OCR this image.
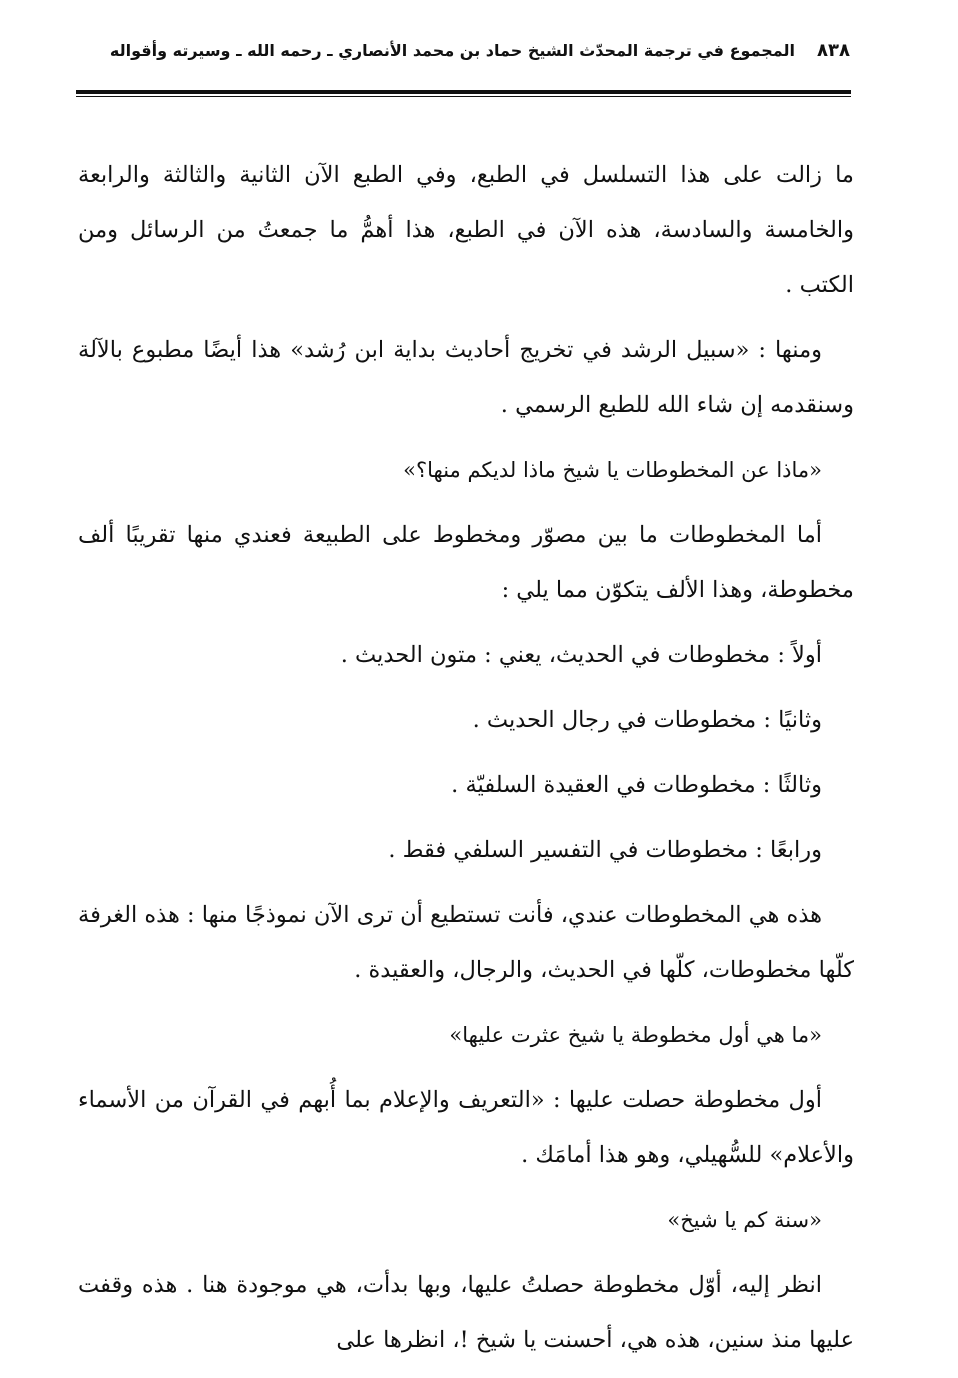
٨٣٨
المجموع في ترجمة المحدّث الشيخ حماد بن محمد الأنصاري ـ رحمه الله ـ وسيرته وأقواله

ما زالت على هذا التسلسل في الطبع، وفي الطبع الآن الثانية والثالثة والرابعة والخامسة والسادسة، هذه الآن في الطبع، هذا أهمُّ ما جمعتُ من الرسائل ومن الكتب .

ومنها : «سبيل الرشد في تخريج أحاديث بداية ابن رُشد» هذا أيضًا مطبوع بالآلة وسنقدمه إن شاء الله للطبع الرسمي .

«ماذا عن المخطوطات يا شيخ ماذا لديكم منها؟»

أما المخطوطات ما بين مصوّر ومخطوط على الطبيعة فعندي منها تقريبًا ألف مخطوطة، وهذا الألف يتكوّن مما يلي :

أولاً : مخطوطات في الحديث، يعني : متون الحديث .

وثانيًا : مخطوطات في رجال الحديث .

وثالثًا : مخطوطات في العقيدة السلفيّة .

ورابعًا : مخطوطات في التفسير السلفي فقط .

هذه هي المخطوطات عندي، فأنت تستطيع أن ترى الآن نموذجًا منها : هذه الغرفة كلّها مخطوطات، كلّها في الحديث، والرجال، والعقيدة .

«ما هي أول مخطوطة يا شيخ عثرت عليها»

أول مخطوطة حصلت عليها : «التعريف والإعلام بما أُبهم في القرآن من الأسماء والأعلام» للسُّهيلي، وهو هذا أمامَك .

«سنة كم يا شيخ»

انظر إليه، أوّل مخطوطة حصلتُ عليها، وبها بدأت، هي موجودة هنا . هذه وقفت عليها منذ سنين، هذه هي، أحسنت يا شيخ !، انظرها على
